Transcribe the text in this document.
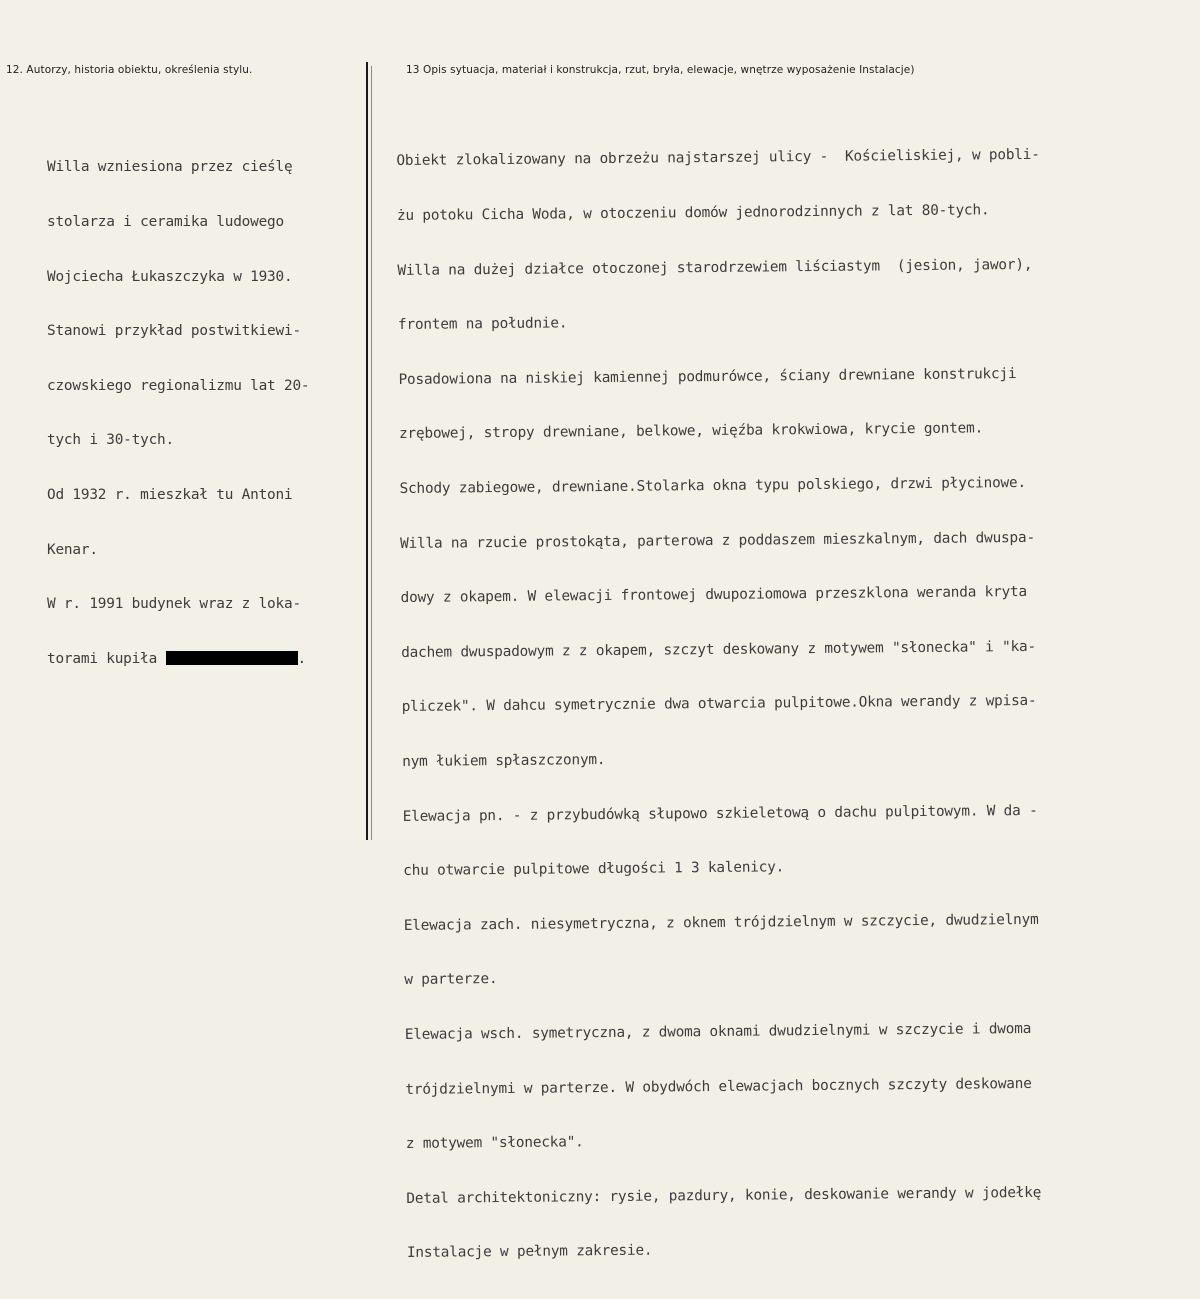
12. Autorzy, historia obiektu, określenia stylu.	13 Opis sytuacja, materiał i konstrukcja, rzut, bryła, elewacje, wnętrze wyposażenie Instalacje)

Willa wzniesiona przez cieślę

stolarza i ceramika ludowego

Wojciecha Łukaszczyka w 1930.

Stanowi przykład postwitkiewi-

czowskiego regionalizmu lat 20-

tych i 30-tych.

Od 1932 r. mieszkał tu Antoni

Kenar.

W r. 1991 budynek wraz z loka-

torami kupiła	.

Obiekt zlokalizowany na obrzeżu najstarszej ulicy -  Kościeliskiej, w pobli-

żu potoku Cicha Woda, w otoczeniu domów jednorodzinnych z lat 80-tych.

Willa na dużej działce otoczonej starodrzewiem liściastym  (jesion, jawor),

frontem na południe.

Posadowiona na niskiej kamiennej podmurówce, ściany drewniane konstrukcji

zrębowej, stropy drewniane, belkowe, więźba krokwiowa, krycie gontem.

Schody zabiegowe, drewniane.Stolarka okna typu polskiego, drzwi płycinowe.

Willa na rzucie prostokąta, parterowa z poddaszem mieszkalnym, dach dwuspa-

dowy z okapem. W elewacji frontowej dwupoziomowa przeszklona weranda kryta

dachem dwuspadowym z z okapem, szczyt deskowany z motywem "słonecka" i "ka-

pliczek". W dahcu symetrycznie dwa otwarcia pulpitowe.Okna werandy z wpisa-

nym łukiem spłaszczonym.

Elewacja pn. - z przybudówką słupowo szkieletową o dachu pulpitowym. W da -

chu otwarcie pulpitowe długości 1 3 kalenicy.

Elewacja zach. niesymetryczna, z oknem trójdzielnym w szczycie, dwudzielnym

w parterze.

Elewacja wsch. symetryczna, z dwoma oknami dwudzielnymi w szczycie i dwoma

trójdzielnymi w parterze. W obydwóch elewacjach bocznych szczyty deskowane

z motywem "słonecka".

Detal architektoniczny: rysie, pazdury, konie, deskowanie werandy w jodełkę

Instalacje w pełnym zakresie.
